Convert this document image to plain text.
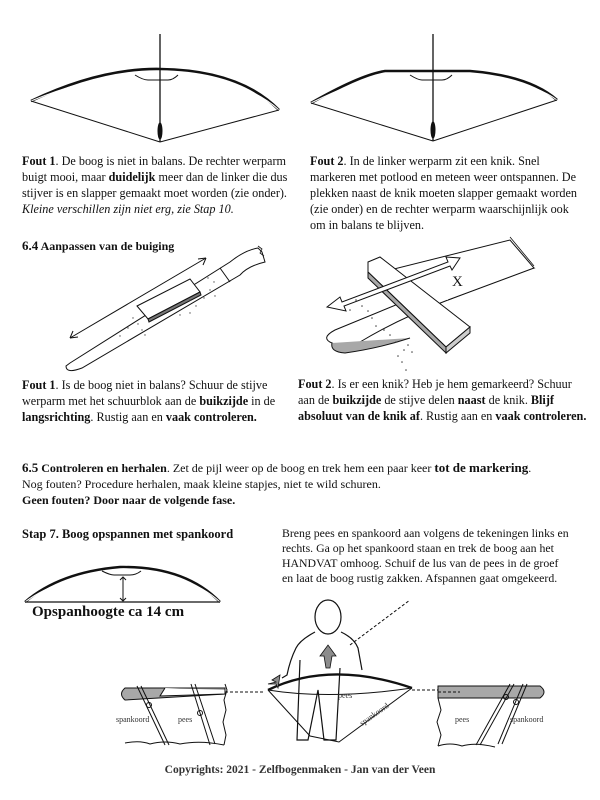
X
spankoord	pees
pees
spankoord	pees	spankoord
Fout 1. De boog is niet in balans. De rechter werparm buigt mooi, maar duidelijk meer dan de linker die dus stijver is en slapper gemaakt moet worden (zie onder).
Kleine verschillen zijn niet erg, zie Stap 10.
Fout 2. In de linker werparm zit een knik. Snel markeren met potlood en meteen weer ontspannen. De plekken naast de knik moeten slapper gemaakt worden (zie onder) en de rechter werparm waarschijnlijk ook om in balans te blijven.
6.4 Aanpassen van de buiging
Fout 1. Is de boog niet in balans? Schuur de stijve werparm met het schuurblok aan de buikzijde in de langsrichting. Rustig aan en vaak controleren.
Fout 2. Is er een knik? Heb je hem gemarkeerd? Schuur aan de buikzijde de stijve delen naast de knik. Blijf absoluut van de knik af. Rustig aan en vaak controleren.
6.5 Controleren en herhalen. Zet de pijl weer op de boog en trek hem een paar keer tot de markering.
Nog fouten? Procedure herhalen, maak kleine stapjes, niet te wild schuren.
Geen fouten? Door naar de volgende fase.
Stap 7. Boog opspannen met spankoord
Opspanhoogte ca 14 cm
Breng pees en spankoord aan volgens de tekeningen links en rechts. Ga op het spankoord staan en trek de boog aan het HANDVAT omhoog. Schuif de lus van de pees in de groef en laat de boog rustig zakken. Afspannen gaat omgekeerd.
Copyrights: 2021 - Zelfbogenmaken - Jan van der Veen
